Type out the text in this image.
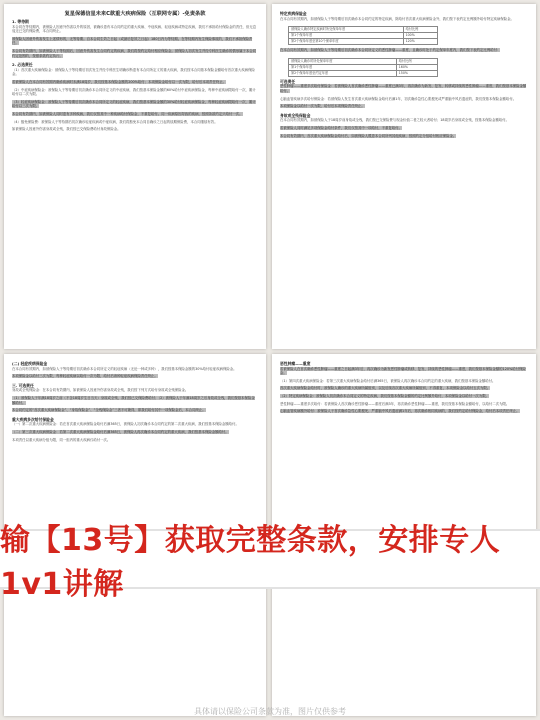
复星保德信星未来C款重大疾病保险（互联网专属）-免责条款
1. 等待期
本合同在等待期内，被保险人因意外伤害以外的原因，被确诊患有本合同约定的重大疾病、中症疾病、轻症疾病或特定疾病，我们不承担给付保险金的责任，但无息返还已交的保险费，本合同终止。
被保险人因意外伤害发生上述情形的，无等待期。自本合同生效之日起（或最后复效之日起）180日内为等待期。在等待期内发生保险事故的，我们不承担保险责任。
本合同有效期内，如被保险人于等待期后，因意外伤害发生合同约定的疾病，我们将按约定给付相应保险金。被保险人初次发生并经专科医生确诊的情形属于本合同约定范围的，按照条款约定执行。
2. 必选责任
（1）首次重大疾病保险金：被保险人于等待期后初次发生并经专科医生明确诊断患有本合同所定义的重大疾病，我们按本合同基本保险金额给付首次重大疾病保险金。
若被保险人在本合同有效期内确诊疾病时未满18周岁，我们按基本保险金额的200%给付；本项保险金给付以一次为限，给付后本项责任终止。
（2）中症疾病保险金：被保险人于等待期后初次确诊本合同所定义的中症疾病，我们按基本保险金额的60%给付中症疾病保险金，每种中症疾病限给付一次，累计给付以二次为限。
（3）轻症疾病保险金：被保险人于等待期后初次确诊本合同所定义的轻症疾病，我们按基本保险金额的30%给付轻症疾病保险金，每种轻症疾病限给付一次，累计给付以三次为限。
本合同有效期内，如被保险人同时患有多种疾病，我们仅按其中一种疾病给付保险金，不重复给付。同一疾病原因导致的疾病，按照条款约定只给付一次。
（4）豁免保险费：被保险人于等待期后初次确诊轻症疾病或中症疾病，我们将豁免本合同自确诊之日起的续期保险费，本合同继续有效。
如被保险人因意外伤害身故或全残，我们按已交保险费给付身故保险金。
特定疾病保险金
在本合同有效期内，如被保险人于等待期后初次确诊本合同约定的特定疾病，除给付首次重大疾病保险金外，我们按下表约定比例额外给付特定疾病保险金。
被保险人确诊特定疾病时所处保单年度	给付比例
第1个保单年度	100%
第2个保单年度至第10个保单年度	120%
在本合同有效期内，如被保险人于等待期后初次确诊本合同所定义的恶性肿瘤——重度，且确诊时处于约定保单年度内，我们按下表约定比例给付：
被保险人确诊时所处保单年度	给付比例
第1个保单年度	160%
第2个保单年度至约定年度	150%
可选责任
恶性肿瘤——重度多次给付保险金：若被保险人首次确诊恶性肿瘤——重度已满3年，再次确诊为新发、复发、转移或持续的恶性肿瘤——重度，我们按基本保险金额给付。
心脑血管疾病多次给付保险金：若被保险人发生首次重大疾病保险金给付后满1年，初次确诊急性心肌梗死或严重脑中风后遗症的，我们按基本保险金额给付。
本项保险金以给付一次为限，给付后本项保险责任终止。
身故或全残保险金
在本合同有效期内，如被保险人于18周岁前身故或全残，我们按已交保险费与现金价值二者之较大者给付；18周岁后身故或全残，按基本保险金额给付。
若被保险人同时满足多项保险金给付条件，我们仅按其中一项给付，不重复给付。
本合同有效期内，首次重大疾病保险金给付后，如被保险人罹患本合同所列其他疾病，按照约定分组给付相应保险金。
(二) 轻症疾病保险金
在本合同有效期内，如被保险人于等待期后初次确诊本合同所定义的轻症疾病（无论一种或多种），我们按基本保险金额的30%给付轻症疾病保险金。
本项保险金以给付三次为限，每种轻症疾病以给付一次为限，给付后该种轻症疾病保险责任终止。
三. 可选责任
身故或全残保险金：在本合同有效期内，如被保险人因意外伤害身故或全残，我们按下列方式给付身故或全残保险金。
（1）被保险人于年满18周岁之前（不含18周岁生日当天）身故或全残，我们按已交保险费给付；（2）被保险人于年满18周岁之后身故或全残，我们按基本保险金额给付。
本合同约定的“首次重大疾病保险金”、“身故保险金”、“全残保险金”三者不可兼得，即我们给付其中一项保险金后，本合同终止。
重大疾病多次给付保险金
（一）第二次重大疾病保险金：若在首次重大疾病保险金给付后满365日，被保险人初次确诊本合同约定的第二次重大疾病，我们按基本保险金额给付。
（二）第三次重大疾病保险金：若第二次重大疾病保险金给付后满365日，被保险人再次确诊本合同约定的重大疾病，我们按基本保险金额给付。
本项责任以重大疾病分组为限，同一组内的重大疾病仅给付一次。
恶性肿瘤——重度
若被保险人在首次确诊恶性肿瘤——重度之日起满3年后，再次确诊为新发恶性肿瘤或转移、复发、持续的恶性肿瘤——重度，我们按基本保险金额的120%给付保险金。
（1）第四次重大疾病保险金：若第三次重大疾病保险金给付后满365日，被保险人再次确诊本合同约定的重大疾病，我们按基本保险金额给付。
首次重大疾病保险金给付时，被保险人确诊的重大疾病所属组别，以及后续各次重大疾病所属组别，不得重复，本项保险金以给付五次为限。
（2）特定疾病保险金：被保险人初次确诊本合同定义的特定疾病，我们按基本保险金额的约定比例额外给付，本项保险金以给付一次为限。
恶性肿瘤——重度多次给付：若被保险人首次确诊恶性肿瘤——重度后满3年，再次确诊恶性肿瘤——重度，我们按基本保险金额给付，以给付二次为限。
心脑血管疾病额外给付：被保险人于首次确诊急性心肌梗死、严重脑中风后遗症满1年后，再次确诊相同疾病的，我们按约定给付保险金，给付后本项责任终止。
输【13号】获取完整条款，安排专人1v1讲解
具体请以保险公司条款为准，图片仅供参考
